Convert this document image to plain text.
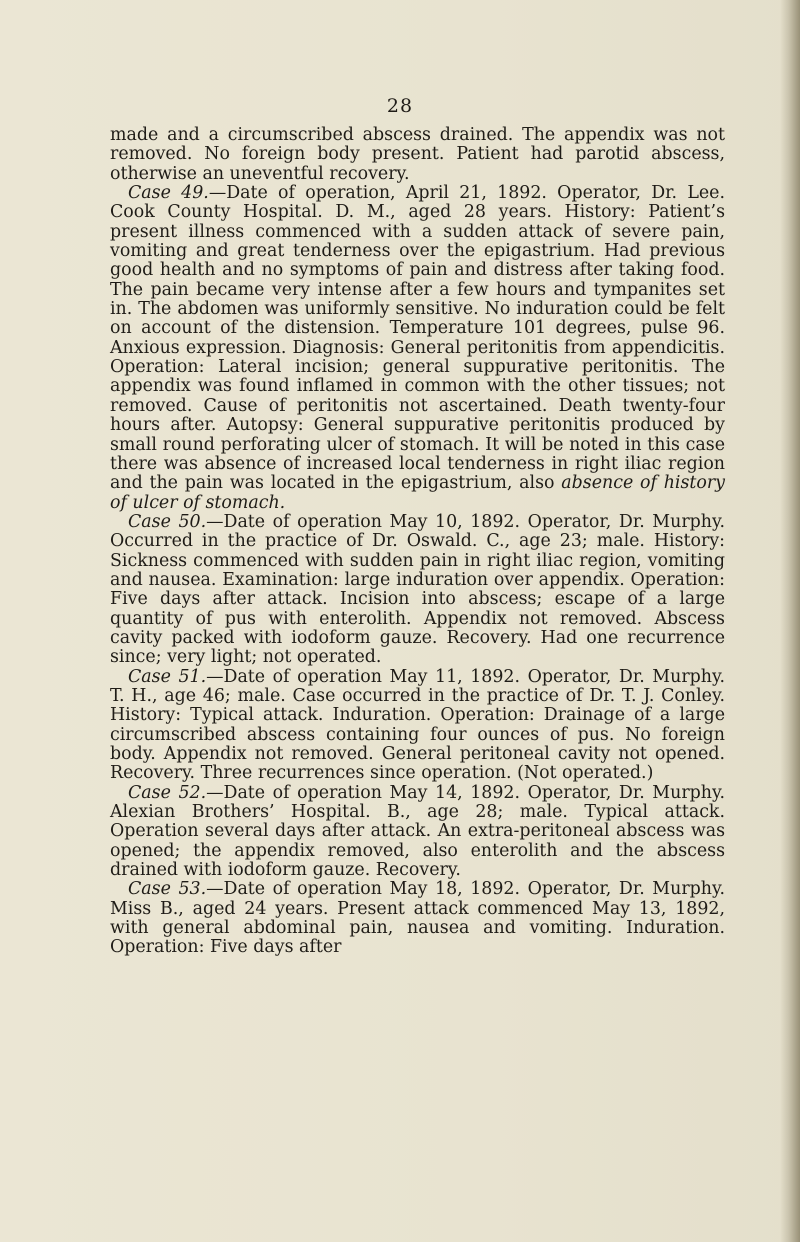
28

made and a circumscribed abscess drained. The appendix was not removed. No foreign body present. Patient had parotid abscess, otherwise an uneventful recovery.

Case 49.—Date of operation, April 21, 1892. Operator, Dr. Lee. Cook County Hospital. D. M., aged 28 years. History: Patient’s present illness commenced with a sudden attack of severe pain, vomiting and great tenderness over the epigastrium. Had previous good health and no symptoms of pain and distress after taking food. The pain became very intense after a few hours and tympanites set in. The abdomen was uniformly sensitive. No induration could be felt on account of the distension. Temperature 101 degrees, pulse 96. Anxious expression. Diagnosis: General peritonitis from appendicitis. Operation: Lateral incision; general suppurative peritonitis. The appendix was found inflamed in common with the other tissues; not removed. Cause of peritonitis not ascertained. Death twenty-four hours after. Autopsy: General suppurative peritonitis produced by small round perforating ulcer of stomach. It will be noted in this case there was absence of increased local tenderness in right iliac region and the pain was located in the epigastrium, also absence of history of ulcer of stomach.

Case 50.—Date of operation May 10, 1892. Operator, Dr. Murphy. Occurred in the practice of Dr. Oswald. C., age 23; male. History: Sickness commenced with sudden pain in right iliac region, vomiting and nausea. Examination: large induration over appendix. Operation: Five days after attack. Incision into abscess; escape of a large quantity of pus with enterolith. Appendix not removed. Abscess cavity packed with iodoform gauze. Recovery. Had one recurrence since; very light; not operated.

Case 51.—Date of operation May 11, 1892. Operator, Dr. Murphy. T. H., age 46; male. Case occurred in the practice of Dr. T. J. Conley. History: Typical attack. Induration. Operation: Drainage of a large circumscribed abscess containing four ounces of pus. No foreign body. Appendix not removed. General peritoneal cavity not opened. Recovery. Three recurrences since operation. (Not operated.)

Case 52.—Date of operation May 14, 1892. Operator, Dr. Murphy. Alexian Brothers’ Hospital. B., age 28; male. Typical attack. Operation several days after attack. An extra-peritoneal abscess was opened; the appendix removed, also enterolith and the abscess drained with iodoform gauze. Recovery.

Case 53.—Date of operation May 18, 1892. Operator, Dr. Murphy. Miss B., aged 24 years. Present attack commenced May 13, 1892, with general abdominal pain, nausea and vomiting. Induration. Operation: Five days after
